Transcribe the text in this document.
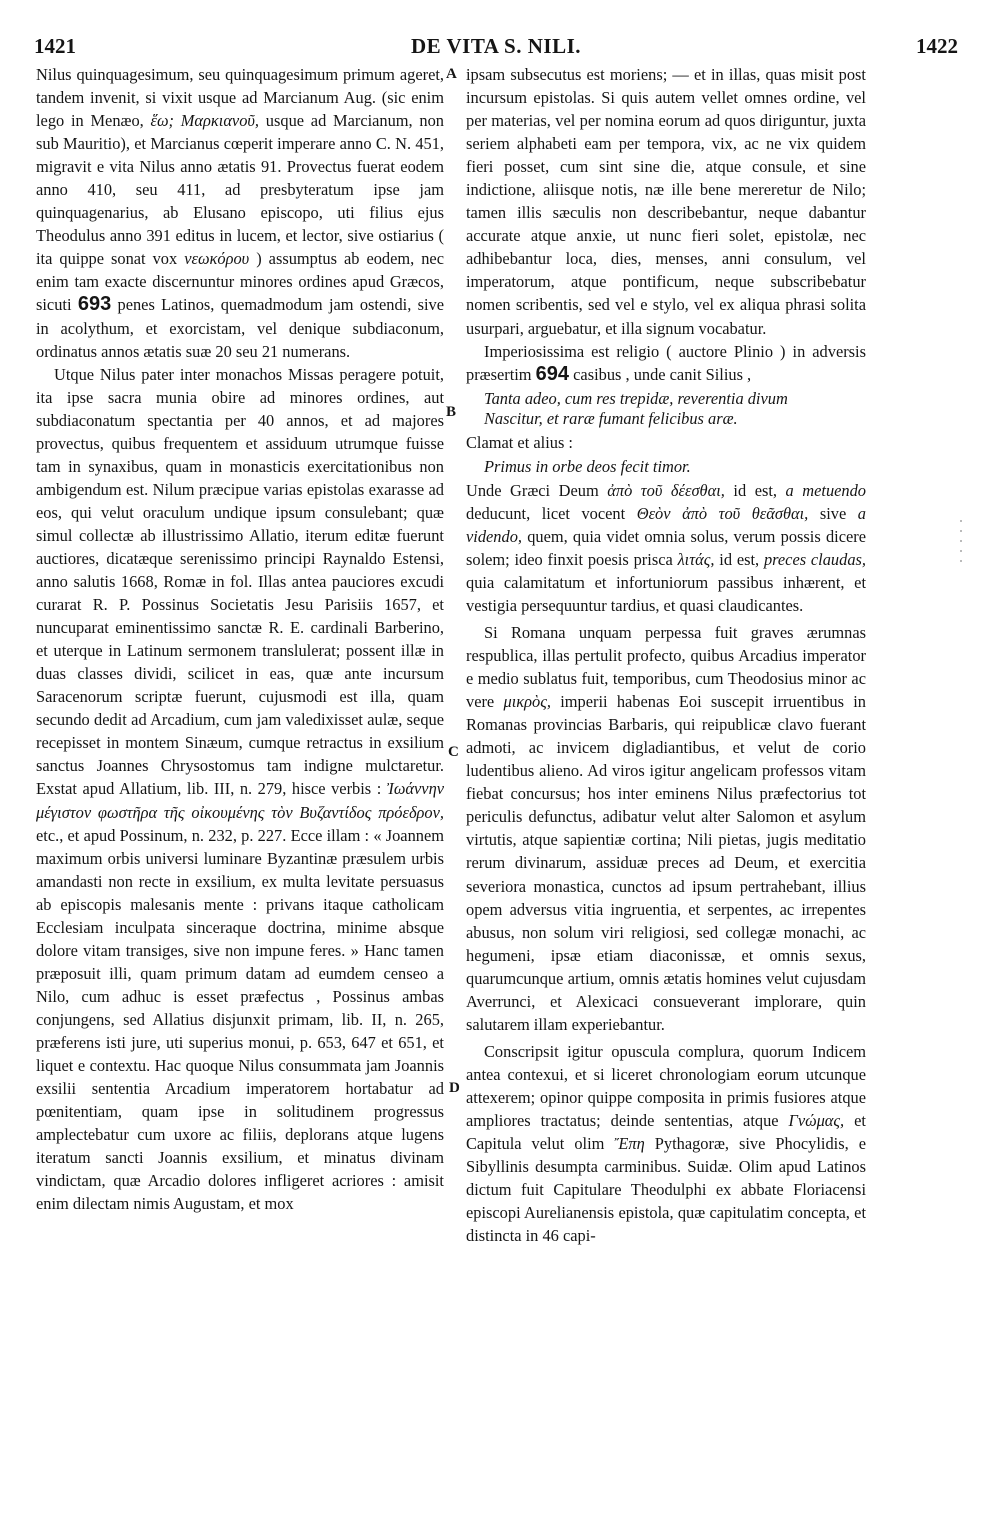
1421	DE VITA S. NILI.	1422
A
B
C
D

Nilus quinquagesimum, seu quinquagesimum primum ageret, tandem invenit, si vixit usque ad Marcianum Aug. (sic enim lego in Menæo, ἕω; Μαρκιανοῦ, usque ad Marcianum, non sub Mauritio), et Marcianus cœperit imperare anno C. N. 451, migravit e vita Nilus anno ætatis 91. Provectus fuerat eodem anno 410, seu 411, ad presbyteratum ipse jam quinquagenarius, ab Elusano episcopo, uti filius ejus Theodulus anno 391 editus in lucem, et lector, sive ostiarius ( ita quippe sonat vox νεωκόρου ) assumptus ab eodem, nec enim tam exacte discernuntur minores ordines apud Græcos, sicuti 693 penes Latinos, quemadmodum jam ostendi, sive in acolythum, et exorcistam, vel denique subdiaconum, ordinatus annos ætatis suæ 20 seu 21 numerans.

Utque Nilus pater inter monachos Missas peragere potuit, ita ipse sacra munia obire ad minores ordines, aut subdiaconatum spectantia per 40 annos, et ad majores provectus, quibus frequentem et assiduum utrumque fuisse tam in synaxibus, quam in monasticis exercitationibus non ambigendum est. Nilum præcipue varias epistolas exarasse ad eos, qui velut oraculum undique ipsum consulebant; quæ simul collectæ ab illustrissimo Allatio, iterum editæ fuerunt auctiores, dicatæque serenissimo principi Raynaldo Estensi, anno salutis 1668, Romæ in fol. Illas antea pauciores excudi curarat R. P. Possinus Societatis Jesu Parisiis 1657, et nuncuparat eminentissimo sanctæ R. E. cardinali Barberino, et uterque in Latinum sermonem translulerat; possent illæ in duas classes dividi, scilicet in eas, quæ ante incursum Saracenorum scriptæ fuerunt, cujusmodi est illa, quam secundo dedit ad Arcadium, cum jam valedixisset aulæ, seque recepisset in montem Sinæum, cumque retractus in exsilium sanctus Joannes Chrysostomus tam indigne mulctaretur. Exstat apud Allatium, lib. III, n. 279, hisce verbis : Ἰωάννην μέγιστον φωστῆρα τῆς οἰκουμένης τὸν Βυζαντίδος πρόεδρον, etc., et apud Possinum, n. 232, p. 227. Ecce illam : « Joannem maximum orbis universi luminare Byzantinæ præsulem urbis amandasti non recte in exsilium, ex multa levitate persuasus ab episcopis malesanis mente : privans itaque catholicam Ecclesiam inculpata sinceraque doctrina, minime absque dolore vitam transiges, sive non impune feres. » Hanc tamen præposuit illi, quam primum datam ad eumdem censeo a Nilo, cum adhuc is esset præfectus , Possinus ambas conjungens, sed Allatius disjunxit primam, lib. II, n. 265, præferens isti jure, uti superius monui, p. 653, 647 et 651, et liquet e contextu. Hac quoque Nilus consummata jam Joannis exsilii sententia Arcadium imperatorem hortabatur ad pœnitentiam, quam ipse in solitudinem progressus amplectebatur cum uxore ac filiis, deplorans atque lugens iteratum sancti Joannis exsilium, et minatus divinam vindictam, quæ Arcadio dolores infligeret acriores : amisit enim dilectam nimis Augustam, et mox

ipsam subsecutus est moriens; — et in illas, quas misit post incursum epistolas. Si quis autem vellet omnes ordine, vel per materias, vel per nomina eorum ad quos diriguntur, juxta seriem alphabeti eam per tempora, vix, ac ne vix quidem fieri posset, cum sint sine die, atque consule, et sine indictione, aliisque notis, næ ille bene mereretur de Nilo; tamen illis sæculis non describebantur, neque dabantur accurate atque anxie, ut nunc fieri solet, epistolæ, nec adhibebantur loca, dies, menses, anni consulum, vel imperatorum, atque pontificum, neque subscribebatur nomen scribentis, sed vel e stylo, vel ex aliqua phrasi solita usurpari, arguebatur, et illa signum vocabatur.

Imperiosissima est religio ( auctore Plinio ) in adversis præsertim 694 casibus , unde canit Silius ,

Tanta adeo, cum res trepidæ, reverentia divum
Nascitur, et raræ fumant felicibus aræ.

Clamat et alius :

Primus in orbe deos fecit timor.

Unde Græci Deum ἀπὸ τοῦ δέεσθαι, id est, a metuendo deducunt, licet vocent Θεὸν ἀπὸ τοῦ θεᾶσθαι, sive a videndo, quem, quia videt omnia solus, verum possis dicere solem; ideo finxit poesis prisca λιτάς, id est, preces claudas, quia calamitatum et infortuniorum passibus inhærent, et vestigia persequuntur tardius, et quasi claudicantes.

Si Romana unquam perpessa fuit graves ærumnas respublica, illas pertulit profecto, quibus Arcadius imperator e medio sublatus fuit, temporibus, cum Theodosius minor ac vere μικρὸς, imperii habenas Eoi suscepit irruentibus in Romanas provincias Barbaris, qui reipublicæ clavo fuerant admoti, ac invicem digladiantibus, et velut de corio ludentibus alieno. Ad viros igitur angelicam professos vitam fiebat concursus; hos inter eminens Nilus præfectorius tot periculis defunctus, adibatur velut alter Salomon et asylum virtutis, atque sapientiæ cortina; Nili pietas, jugis meditatio rerum divinarum, assiduæ preces ad Deum, et exercitia severiora monastica, cunctos ad ipsum pertrahebant, illius opem adversus vitia ingruentia, et serpentes, ac irrepentes abusus, non solum viri religiosi, sed collegæ monachi, ac hegumeni, ipsæ etiam diaconissæ, et omnis sexus, quarumcunque artium, omnis ætatis homines velut cujusdam Averrunci, et Alexicaci consueverant implorare, quin salutarem illam experiebantur.

Conscripsit igitur opuscula complura, quorum Indicem antea contexui, et si liceret chronologiam eorum utcunque attexerem; opinor quippe composita in primis fusiores atque ampliores tractatus; deinde sententias, atque Γνώμας, et Capitula velut olim Ἔπη Pythagoræ, sive Phocylidis, e Sibyllinis desumpta carminibus. Suidæ. Olim apud Latinos dictum fuit Capitulare Theodulphi ex abbate Floriacensi episcopi Aurelianensis epistola, quæ capitulatim concepta, et distincta in 46 capi-
